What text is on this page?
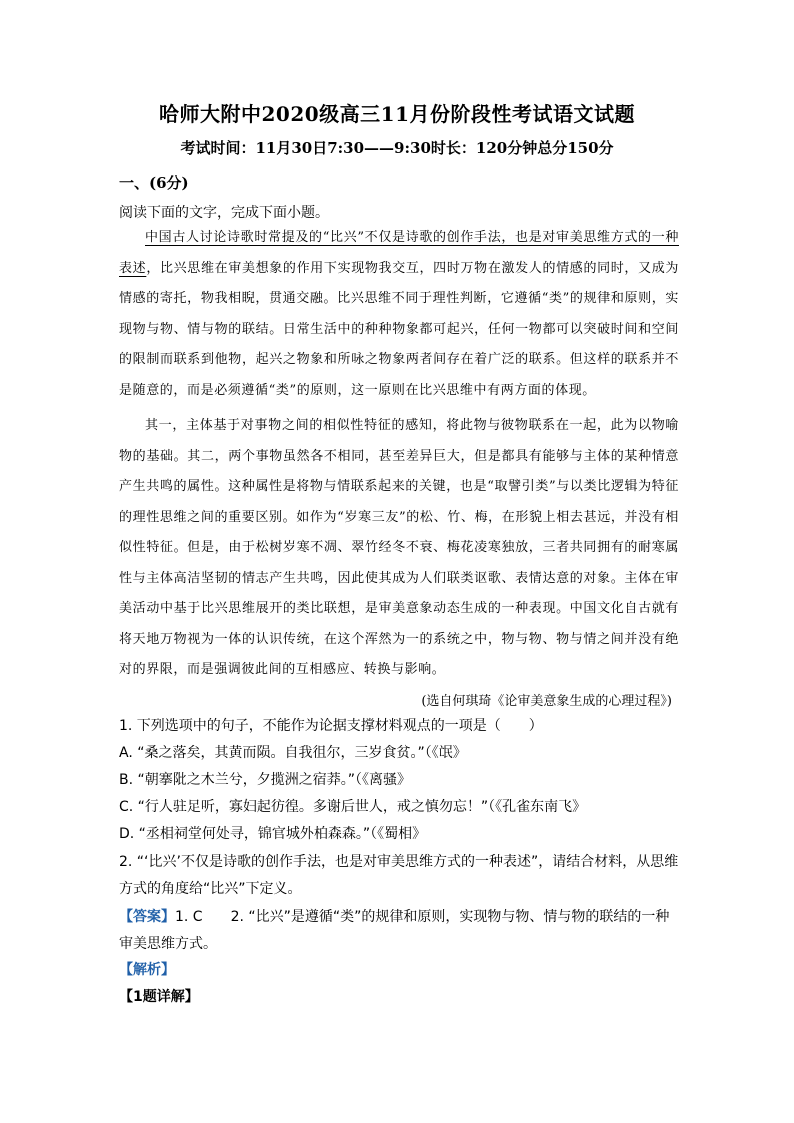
哈师大附中2020级高三11月份阶段性考试语文试题
考试时间：11月30日7:30——9:30时长：120分钟总分150分
一、(6分)
阅读下面的文字，完成下面小题。

中国古人讨论诗歌时常提及的“比兴”不仅是诗歌的创作手法，也是对审美思维方式的一种表述，比兴思维在审美想象的作用下实现物我交互，四时万物在激发人的情感的同时，又成为情感的寄托，物我相睨，贯通交融。比兴思维不同于理性判断，它遵循“类”的规律和原则，实现物与物、情与物的联结。日常生活中的种种物象都可起兴，任何一物都可以突破时间和空间的限制而联系到他物，起兴之物象和所咏之物象两者间存在着广泛的联系。但这样的联系并不是随意的，而是必须遵循“类”的原则，这一原则在比兴思维中有两方面的体现。

其一，主体基于对事物之间的相似性特征的感知，将此物与彼物联系在一起，此为以物喻物的基础。其二，两个事物虽然各不相同，甚至差异巨大，但是都具有能够与主体的某种情意产生共鸣的属性。这种属性是将物与情联系起来的关键，也是“取譬引类”与以类比逻辑为特征的理性思维之间的重要区别。如作为“岁寒三友”的松、竹、梅，在形貌上相去甚远，并没有相似性特征。但是，由于松树岁寒不凋、翠竹经冬不衰、梅花凌寒独放，三者共同拥有的耐寒属性与主体高洁坚韧的情志产生共鸣，因此使其成为人们联类讴歌、表情达意的对象。主体在审美活动中基于比兴思维展开的类比联想，是审美意象动态生成的一种表现。中国文化自古就有将天地万物视为一体的认识传统，在这个浑然为一的系统之中，物与物、物与情之间并没有绝对的界限，而是强调彼此间的互相感应、转换与影响。

(选自何琪琦《论审美意象生成的心理过程》)

1. 下列选项中的句子，不能作为论据支撑材料观点的一项是（　　）

A. “桑之落矣，其黄而陨。自我徂尔，三岁食贫。”（《氓》

B. “朝搴阰之木兰兮，夕揽洲之宿莽。”（《离骚》

C. “行人驻足听，寡妇起彷徨。多谢后世人，戒之慎勿忘！”（《孔雀东南飞》

D. “丞相祠堂何处寻，锦官城外柏森森。”（《蜀相》

2. “‘比兴’不仅是诗歌的创作手法，也是对审美思维方式的一种表述”，请结合材料，从思维方式的角度给“比兴”下定义。

【答案】1. C　　2. “比兴”是遵循“类”的规律和原则，实现物与物、情与物的联结的一种审美思维方式。

【解析】

【1题详解】
